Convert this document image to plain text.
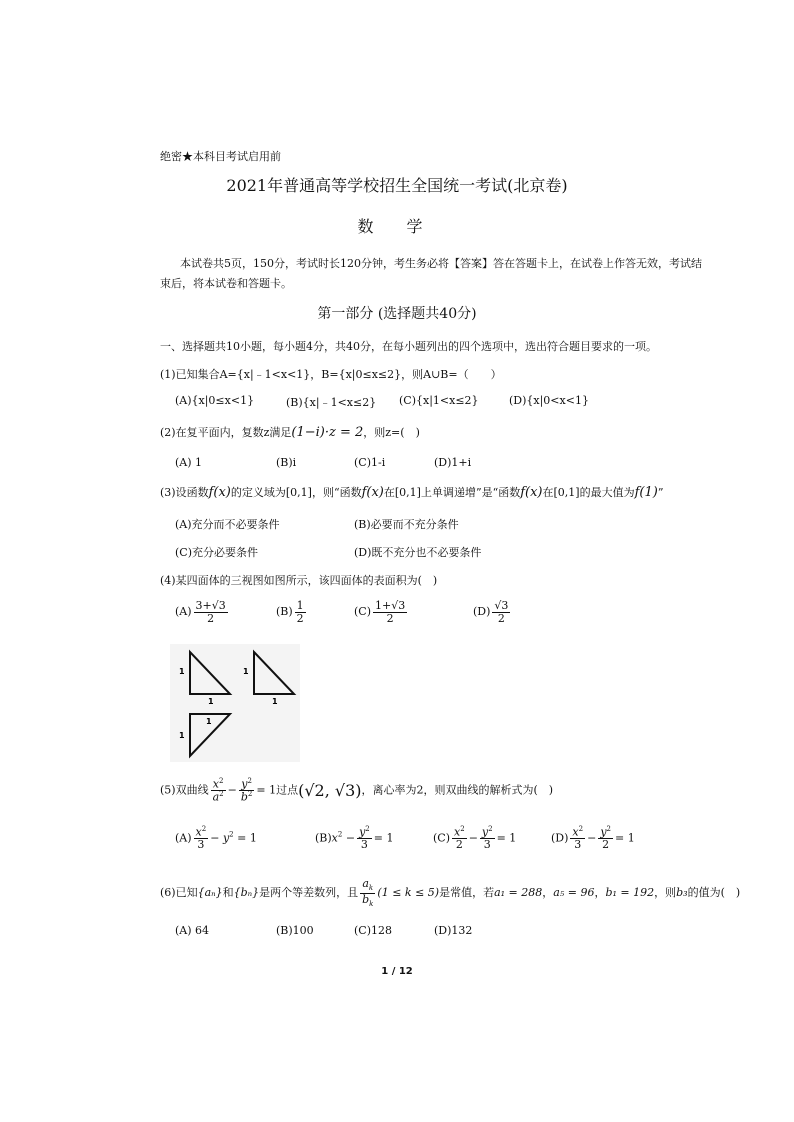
绝密★本科目考试启用前
2021年普通高等学校招生全国统一考试(北京卷)
数 学
本试卷共5页，150分，考试时长120分钟，考生务必将【答案】答在答题卡上，在试卷上作答无效，考试结
束后，将本试卷和答题卡。
第一部分 (选择题共40分)
一、选择题共10小题，每小题4分，共40分，在每小题列出的四个选项中，选出符合题目要求的一项。
(1)已知集合A={x|﹣1<x<1}，B={x|0≤x≤2}，则A∪B=（　　）
(A){x|0≤x<1}	(B){x|﹣1<x≤2} (C){x|1<x≤2}	(D){x|0<x<1}
(2)在复平面内，复数z满足(1−i)·z = 2，则z=(　)
(A) 1	(B)i	(C)1-i	(D)1+i
(3)设函数f(x)的定义域为[0,1]，则“函数f(x)在[0,1]上单调递增”是“函数f(x)在[0,1]的最大值为f(1)”
(A)充分而不必要条件	(B)必要而不充分条件
(C)充分必要条件	(D)既不充分也不必要条件
(4)某四面体的三视图如图所示，该四面体的表面积为(　)
$(A) \frac{3+√3}{2}$	$(B) \frac{1}{2}$	$(C) \frac{1+√3}{2}$	$(D) \frac{√3}{2}$
1
1
1
1
1
1
(5)双曲线 $\frac{x^2}{a^2} - \frac{y^2}{b^2} = 1$过点(√2, √3)，离心率为2，则双曲线的解析式为(　)
$(A) \frac{x^2}{3} - y^2 = 1$	$(B)x^2 - \frac{y^2}{3} = 1$	$(C) \frac{x^2}{2} - \frac{y^2}{3} = 1$	$(D) \frac{x^2}{3} - \frac{y^2}{2} = 1$
(6)已知{aₙ}和{bₙ}是两个等差数列，且 $\frac{a_k}{b_k} (1 \le k \le 5)$是常值，若a₁ = 288，a₅ = 96，b₁ = 192，则b₃的值为(　)
(A) 64	(B)100	(C)128	(D)132
1 / 12
